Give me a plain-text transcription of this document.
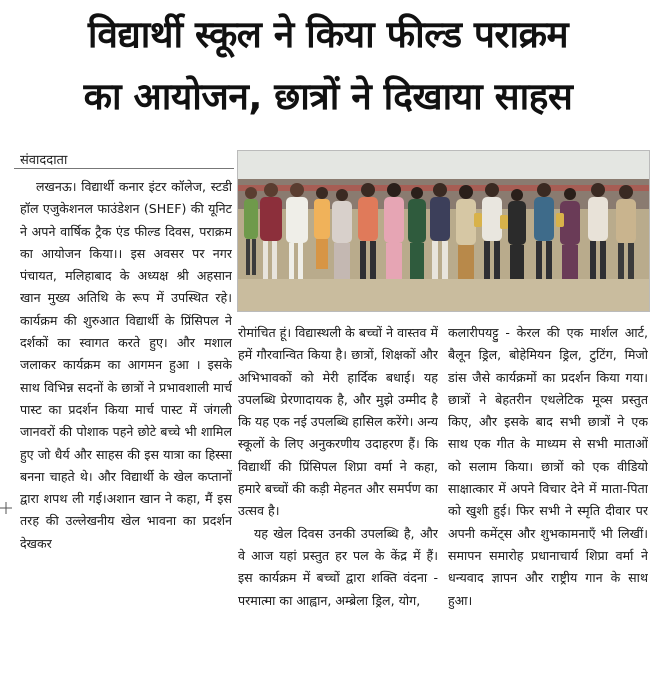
विद्यार्थी स्कूल ने किया फील्ड पराक्रम
का आयोजन, छात्रों ने दिखाया साहस
संवाददाता

लखनऊ। विद्यार्थी कनार इंटर कॉलेज, स्टडी हॉल एजुकेशनल फाउंडेशन (SHEF) की यूनिट ने अपने वार्षिक ट्रैक एंड फील्ड दिवस, पराक्रम का आयोजन किया।। इस अवसर पर नगर पंचायत, मलिहाबाद के अध्यक्ष श्री अहसान खान मुख्य अतिथि के रूप में उपस्थित रहे। कार्यक्रम की शुरुआत विद्यार्थी के प्रिंसिपल ने दर्शकों का स्वागत करते हुए। और मशाल जलाकर कार्यक्रम का आगमन हुआ । इसके साथ विभिन्न सदनों के छात्रों ने प्रभावशाली मार्च पास्ट का प्रदर्शन किया मार्च पास्ट में जंगली जानवरों की पोशाक पहने छोटे बच्चे भी शामिल हुए जो धैर्य और साहस की इस यात्रा का हिस्सा बनना चाहते थे। और विद्यार्थी के खेल कप्तानों द्वारा शपथ ली गई।अशान खान ने कहा, मैं इस तरह की उल्लेखनीय खेल भावना का प्रदर्शन देखकर

रोमांचित हूं। विद्यास्थली के बच्चों ने वास्तव में हमें गौरवान्वित किया है। छात्रों, शिक्षकों और अभिभावकों को मेरी हार्दिक बधाई। यह उपलब्धि प्रेरणादायक है, और मुझे उम्मीद है कि यह एक नई उपलब्धि हासिल करेंगे। अन्य स्कूलों के लिए अनुकरणीय उदाहरण हैं। कि विद्यार्थी की प्रिंसिपल शिप्रा वर्मा ने कहा, हमारे बच्चों की कड़ी मेहनत और समर्पण का उत्सव है।
यह खेल दिवस उनकी उपलब्धि है, और वे आज यहां प्रस्तुत हर पल के केंद्र में हैं। इस कार्यक्रम में बच्चों द्वारा शक्ति वंदना - परमात्मा का आह्वान, अम्ब्रेला ड्रिल, योग,

कलारीपयट्टु - केरल की एक मार्शल आर्ट, बैलून ड्रिल, बोहेमियन ड्रिल, टुटिंग, मिजो डांस जैसे कार्यक्रमों का प्रदर्शन किया गया। छात्रों ने बेहतरीन एथलेटिक मूव्स प्रस्तुत किए, और इसके बाद सभी छात्रों ने एक साथ एक गीत के माध्यम से सभी माताओं को सलाम किया। छात्रों को एक वीडियो साक्षात्कार में अपने विचार देने में माता-पिता को खुशी हुई। फिर सभी ने स्मृति दीवार पर अपनी कमेंट्स और शुभकामनाएँ भी लिखीं। समापन समारोह प्रधानाचार्य शिप्रा वर्मा ने धन्यवाद ज्ञापन और राष्ट्रीय गान के साथ हुआ।
